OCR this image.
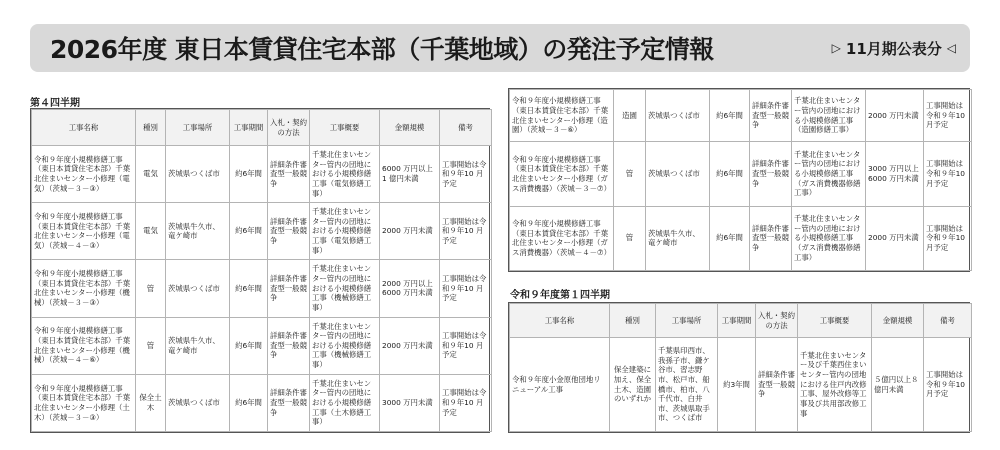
2026年度 東日本賃貸住宅本部（千葉地域）の発注予定情報	▷ 11月期公表分 ◁
第４四半期
工事名称	種別	工事場所	工事期間	入札・契約の方法	工事概要	金額規模	備考
令和９年度小規模修繕工事（東日本賃貸住宅本部）千葉北住まいセンター小修理（電気）（茨城－３－③）	電気	茨城県つくば市	約6年間	詳細条件審査型一般競争	千葉北住まいセンター管内の団地における小規模修繕工事（電気修繕工事）	6000 万円以上1 億円未満	工事開始は令和９年10 月予定
令和９年度小規模修繕工事（東日本賃貸住宅本部）千葉北住まいセンター小修理（電気）（茨城－４－③）	電気	茨城県牛久市、竜ケ崎市	約6年間	詳細条件審査型一般競争	千葉北住まいセンター管内の団地における小規模修繕工事（電気修繕工事）	2000 万円未満	工事開始は令和９年10 月予定
令和９年度小規模修繕工事（東日本賃貸住宅本部）千葉北住まいセンター小修理（機械）（茨城－３－③）	管	茨城県つくば市	約6年間	詳細条件審査型一般競争	千葉北住まいセンター管内の団地における小規模修繕工事（機械修繕工事）	2000 万円以上6000 万円未満	工事開始は令和９年10 月予定
令和９年度小規模修繕工事（東日本賃貸住宅本部）千葉北住まいセンター小修理（機械）（茨城－４－⑥）	管	茨城県牛久市、竜ケ崎市	約6年間	詳細条件審査型一般競争	千葉北住まいセンター管内の団地における小規模修繕工事（機械修繕工事）	2000 万円未満	工事開始は令和９年10 月予定
令和９年度小規模修繕工事（東日本賃貸住宅本部）千葉北住まいセンター小修理（土木）（茨城－３－③）	保全土木	茨城県つくば市	約6年間	詳細条件審査型一般競争	千葉北住まいセンター管内の団地における小規模修繕工事（土木修繕工事）	3000 万円未満	工事開始は令和９年10 月予定
令和９年度小規模修繕工事（東日本賃貸住宅本部）千葉北住まいセンター小修理（造園）（茨城－３－⑥）	造園	茨城県つくば市	約6年間	詳細条件審査型一般競争	千葉北住まいセンター管内の団地における小規模修繕工事（造園修繕工事）	2000 万円未満	工事開始は令和９年10 月予定
令和９年度小規模修繕工事（東日本賃貸住宅本部）千葉北住まいセンター小修理（ガス消費機器）（茨城－３－⑦）	管	茨城県つくば市	約6年間	詳細条件審査型一般競争	千葉北住まいセンター管内の団地における小規模修繕工事（ガス消費機器修繕工事）	3000 万円以上6000 万円未満	工事開始は令和９年10 月予定
令和９年度小規模修繕工事（東日本賃貸住宅本部）千葉北住まいセンター小修理（ガス消費機器）（茨城－４－⑦）	管	茨城県牛久市、竜ケ崎市	約6年間	詳細条件審査型一般競争	千葉北住まいセンター管内の団地における小規模修繕工事（ガス消費機器修繕工事）	2000 万円未満	工事開始は令和９年10 月予定
令和９年度第１四半期
工事名称	種別	工事場所	工事期間	入札・契約の方法	工事概要	金額規模	備考
令和９年度小金原他団地リニューアル工事	保全建築に加え、保全土木、造園のいずれか	千葉県印西市、我孫子市、鎌ケ谷市、習志野市、松戸市、船橋市、柏市、八千代市、白井市、茨城県取手市、つくば市	約3年間	詳細条件審査型一般競争	千葉北住まいセンター及び千葉西住まいセンター管内の団地における住戸内改修工事、屋外改修等工事及び共用部改修工事	５億円以上８億円未満	工事開始は令和９年10 月予定
